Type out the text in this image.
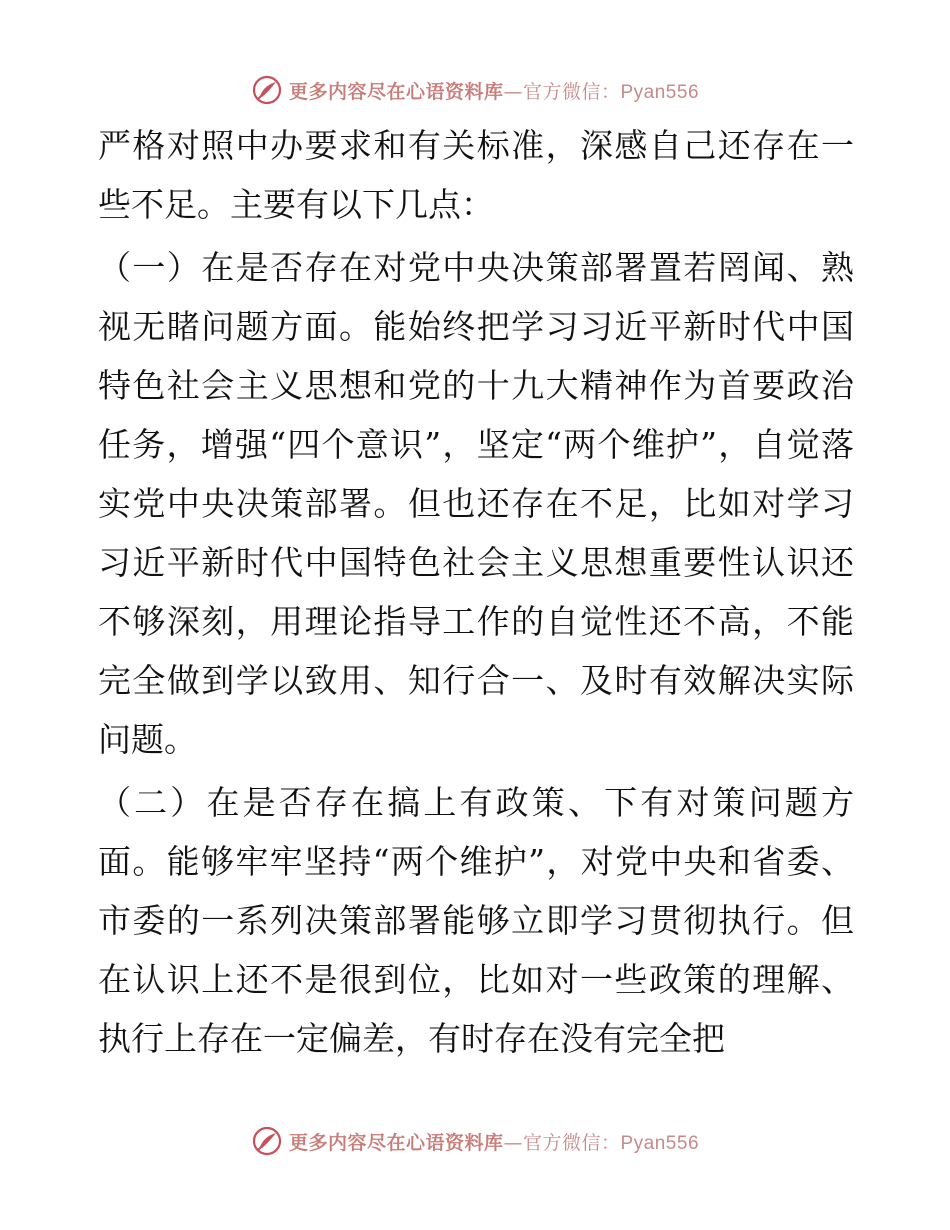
更多内容尽在心语资料库—官方微信：Pyan556

严格对照中办要求和有关标准，深感自己还存在一些不足。主要有以下几点：

（一）在是否存在对党中央决策部署置若罔闻、熟视无睹问题方面。能始终把学习习近平新时代中国特色社会主义思想和党的十九大精神作为首要政治任务，增强“四个意识”，坚定“两个维护”，自觉落实党中央决策部署。但也还存在不足，比如对学习习近平新时代中国特色社会主义思想重要性认识还不够深刻，用理论指导工作的自觉性还不高，不能完全做到学以致用、知行合一、及时有效解决实际问题。

（二）在是否存在搞上有政策、下有对策问题方面。能够牢牢坚持“两个维护”，对党中央和省委、市委的一系列决策部署能够立即学习贯彻执行。但在认识上还不是很到位，比如对一些政策的理解、执行上存在一定偏差，有时存在没有完全把

更多内容尽在心语资料库—官方微信：Pyan556
